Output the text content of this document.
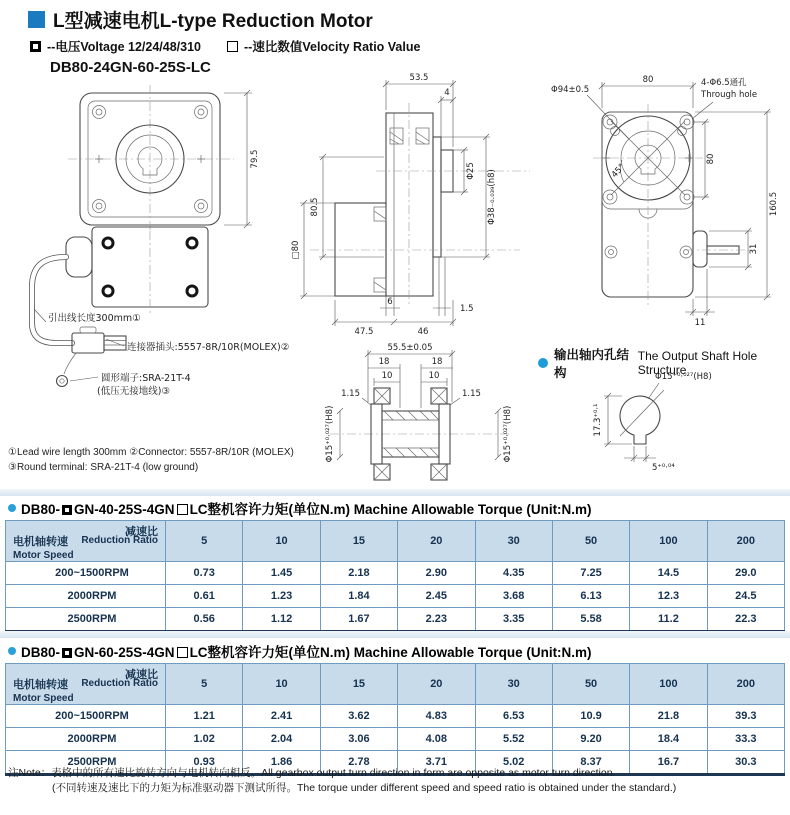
L型减速电机L-type Reduction Motor
--电压Voltage 12/24/48/310	--速比数值Velocity Ratio Value
DB80-24GN-60-25S-LC
79.5
引出线长度300mm①
连接器插头:5557-8R/10R(MOLEX)②
圆形端子:SRA-21T-4
(低压无接地线)③
53.5
4
Φ25 Φ38₋₀.₀₃₉(h8)
80.5
□80
6
1.5
47.5	46
45°
80
Φ94±0.5
4-Φ6.5通孔
Through hole
80
160.5
31
11
55.5±0.05
18	18
10	10
1.15	1.15
Φ15⁺⁰·⁰²⁷(H8)	Φ15⁺⁰·⁰²⁷(H8)
输出轴内孔结构
The Output Shaft Hole Structure
Φ15⁺⁰·⁰²⁷(H8)
17.3⁺⁰·¹
5⁺⁰·⁰⁴
①Lead wire length 300mm ②Connector: 5557-8R/10R (MOLEX)
③Round terminal: SRA-21T-4 (low ground)
DB80- GN-40-25S-4GN LC整机容许力矩(单位N.m) Machine Allowable Torque (Unit:N.m)
减速比
Reduction Ratio
电机轴转速
Motor Speed	5	10	15	20	30	50	100	200
200~1500RPM	0.73	1.45	2.18	2.90	4.35	7.25	14.5	29.0
2000RPM	0.61	1.23	1.84	2.45	3.68	6.13	12.3	24.5
2500RPM	0.56	1.12	1.67	2.23	3.35	5.58	11.2	22.3
DB80- GN-60-25S-4GN LC整机容许力矩(单位N.m) Machine Allowable Torque (Unit:N.m)
减速比
Reduction Ratio
电机轴转速
Motor Speed	5	10	15	20	30	50	100	200
200~1500RPM	1.21	2.41	3.62	4.83	6.53	10.9	21.8	39.3
2000RPM	1.02	2.04	3.06	4.08	5.52	9.20	18.4	33.3
2500RPM	0.93	1.86	2.78	3.71	5.02	8.37	16.7	30.3
注Note：表格中的所有速比旋转方向与电机转向相反。All gearbox output turn direction in form are opposite as motor turn direction.
(不同转速及速比下的力矩为标准驱动器下测试所得。The torque under different speed and speed ratio is obtained under the standard.)
